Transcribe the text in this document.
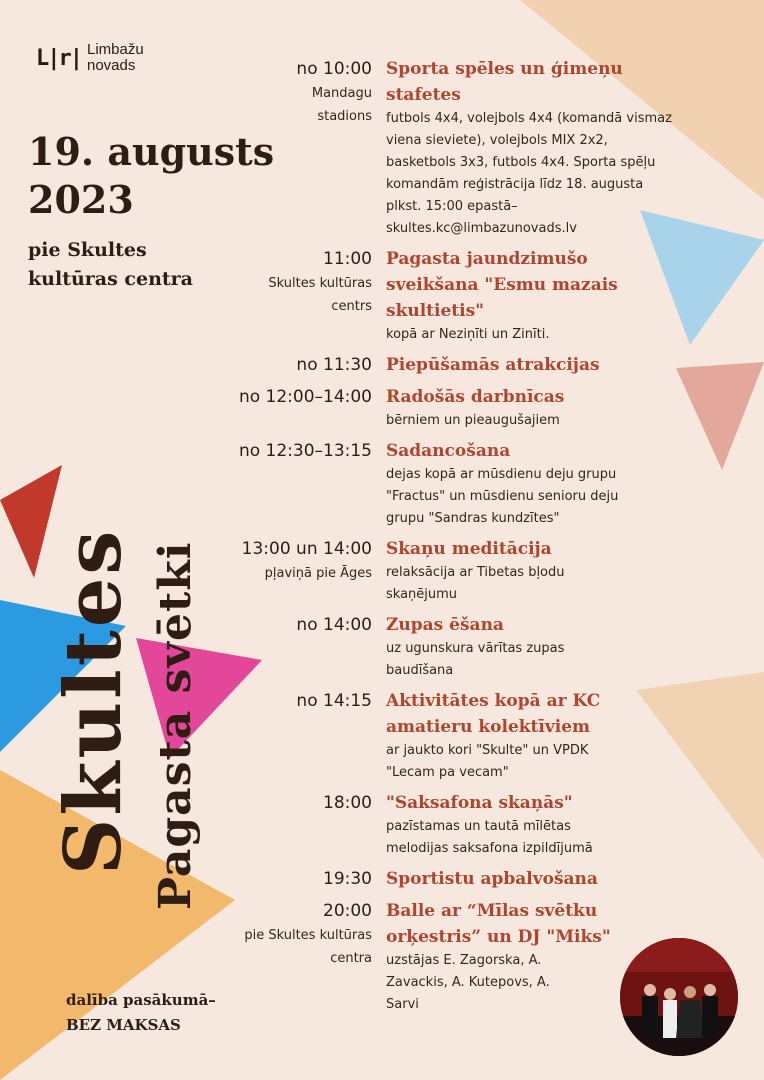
L|r| Limbažu
novads
19. augusts
2023
pie Skultes
kultūras centra
Skultes Pagasta svētki
dalība pasākumā–
BEZ MAKSAS
no 10:00
Mandagu
stadions
Sporta spēles un ģimeņu
stafetes
futbols 4x4, volejbols 4x4 (komandā vismaz
viena sieviete), volejbols MIX 2x2,
basketbols 3x3, futbols 4x4. Sporta spēļu
komandām reģistrācija līdz 18. augusta
plkst. 15:00 epastā–
skultes.kc@limbazunovads.lv
11:00
Skultes kultūras
centrs
Pagasta jaundzimušo
sveikšana "Esmu mazais
skultietis"
kopā ar Neziņīti un Zinīti.
no 11:30 Piepūšamās atrakcijas
no 12:00–14:00 Radošās darbnīcas
bērniem un pieaugušajiem
no 12:30–13:15 Sadancošana
dejas kopā ar mūsdienu deju grupu
"Fractus" un mūsdienu senioru deju
grupu "Sandras kundzītes"
13:00 un 14:00
pļaviņā pie Āges
Skaņu meditācija
relaksācija ar Tibetas bļodu
skaņējumu
no 14:00 Zupas ēšana
uz ugunskura vārītas zupas
baudīšana
no 14:15 Aktivitātes kopā ar KC
amatieru kolektīviem
ar jaukto kori "Skulte" un VPDK
"Lecam pa vecam"
18:00 "Saksafona skaņās"
pazīstamas un tautā mīlētas
melodijas saksafona izpildījumā
19:30 Sportistu apbalvošana
20:00
pie Skultes kultūras
centra
Balle ar “Mīlas svētku
orķestris” un DJ "Miks"
uzstājas E. Zagorska, A.
Zavackis, A. Kutepovs, A.
Sarvi
